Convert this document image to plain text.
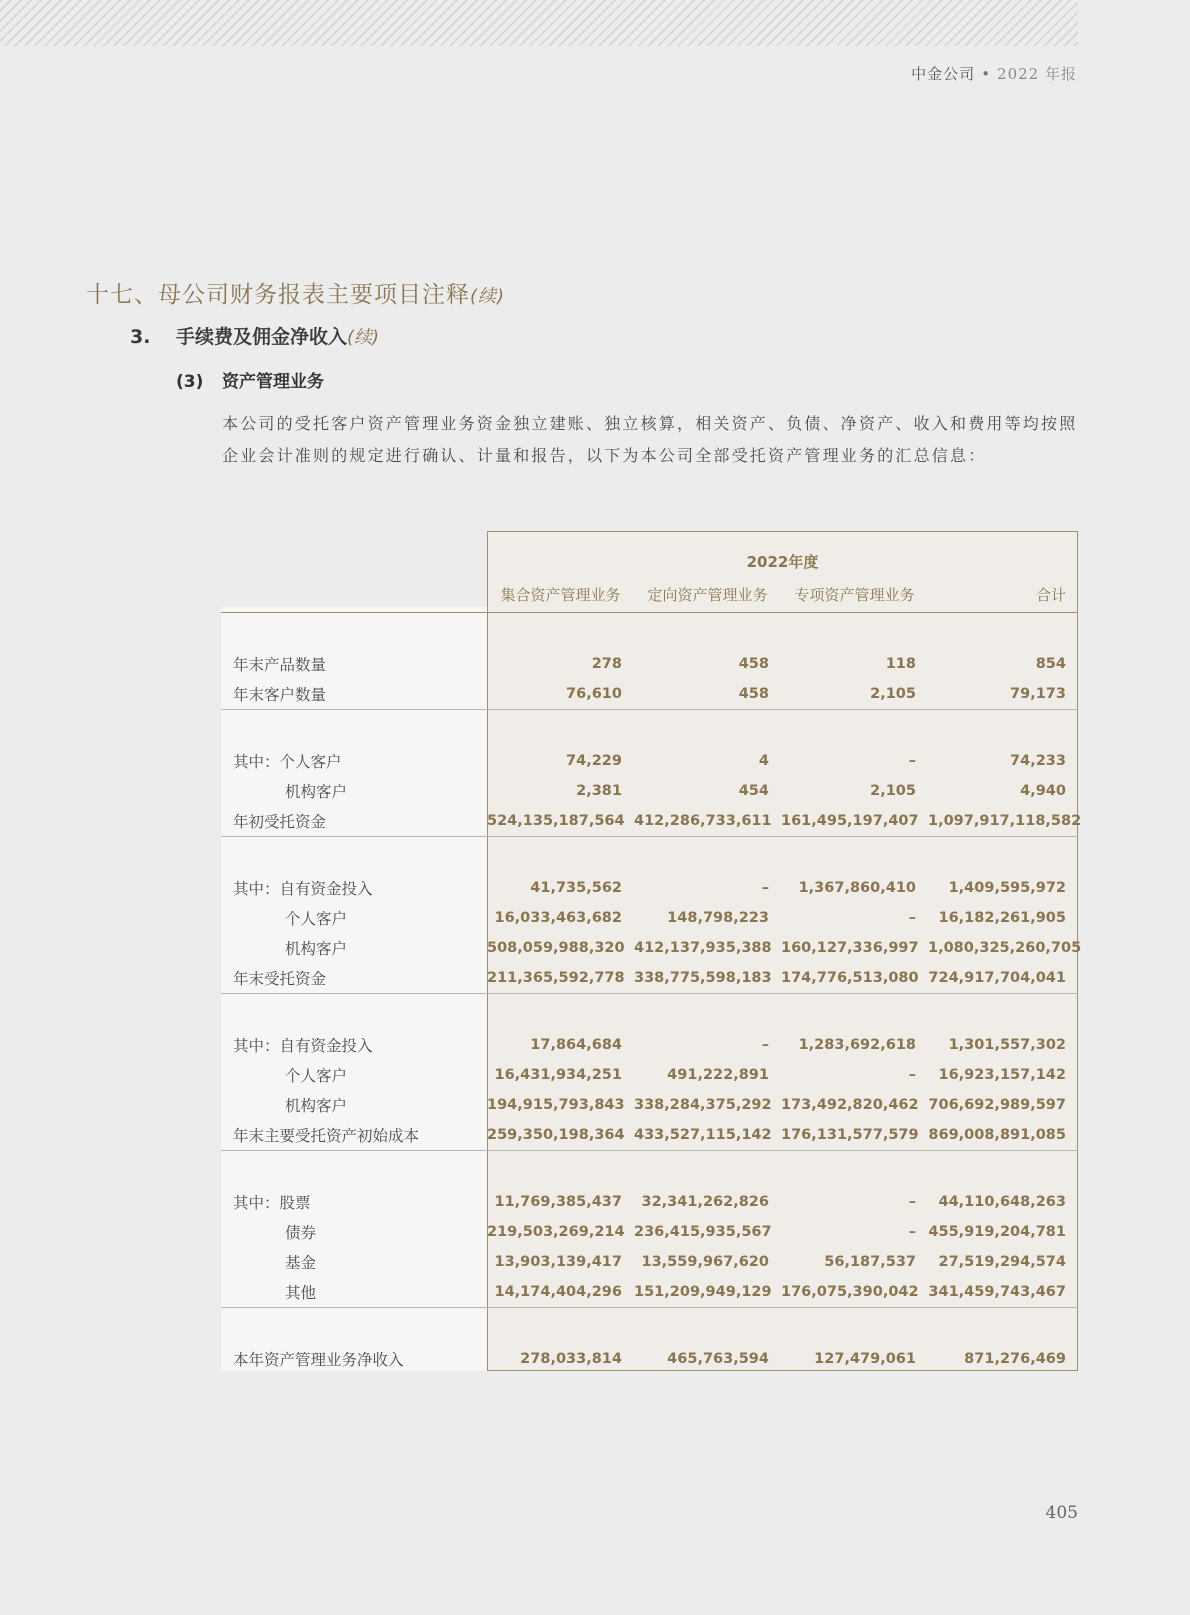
中金公司 • 2022 年报
十七、母公司财务报表主要项目注释(续)
3. 手续费及佣金净收入(续)
(3) 资产管理业务
本公司的受托客户资产管理业务资金独立建账、独立核算，相关资产、负债、净资产、收入和费用等均按照企业会计准则的规定进行确认、计量和报告，以下为本公司全部受托资产管理业务的汇总信息：
	2022年度			
	集合资产管理业务	定向资产管理业务	专项资产管理业务	合计

年末产品数量	278	458	118	854
年末客户数量	76,610	458	2,105	79,173

其中：个人客户	74,229	4	–	74,233
机构客户	2,381	454	2,105	4,940
年初受托资金	524,135,187,564	412,286,733,611	161,495,197,407	1,097,917,118,582

其中：自有资金投入	41,735,562	–	1,367,860,410	1,409,595,972
个人客户	16,033,463,682	148,798,223	–	16,182,261,905
机构客户	508,059,988,320	412,137,935,388	160,127,336,997	1,080,325,260,705
年末受托资金	211,365,592,778	338,775,598,183	174,776,513,080	724,917,704,041

其中：自有资金投入	17,864,684	–	1,283,692,618	1,301,557,302
个人客户	16,431,934,251	491,222,891	–	16,923,157,142
机构客户	194,915,793,843	338,284,375,292	173,492,820,462	706,692,989,597
年末主要受托资产初始成本	259,350,198,364	433,527,115,142	176,131,577,579	869,008,891,085

其中：股票	11,769,385,437	32,341,262,826	–	44,110,648,263
债券	219,503,269,214	236,415,935,567	–	455,919,204,781
基金	13,903,139,417	13,559,967,620	56,187,537	27,519,294,574
其他	14,174,404,296	151,209,949,129	176,075,390,042	341,459,743,467

本年资产管理业务净收入	278,033,814	465,763,594	127,479,061	871,276,469
405
